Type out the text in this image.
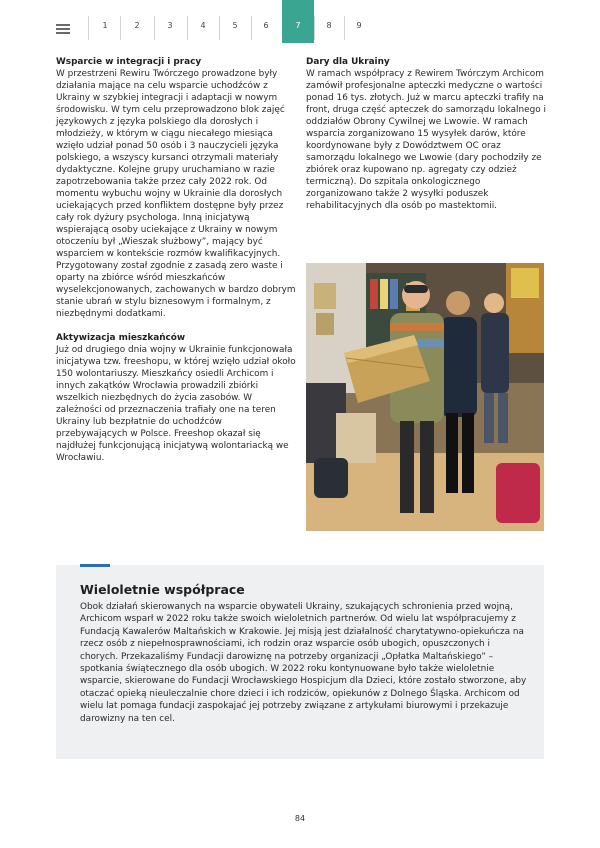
1	2	3	4	5	6	7	8	9
Wsparcie w integracji i pracy

W przestrzeni Rewiru Twórczego prowadzone były działania mające na celu wsparcie uchodźców z Ukrainy w szybkiej integracji i adaptacji w nowym środowisku. W tym celu przeprowadzono blok zajęć językowych z języka polskiego dla dorosłych i młodzieży, w którym w ciągu niecałego miesiąca wzięło udział ponad 50 osób i 3 nauczycieli języka polskiego, a wszyscy kursanci otrzymali materiały dydaktyczne. Kolejne grupy uruchamiano w razie zapotrzebowania także przez cały 2022 rok. Od momentu wybuchu wojny w Ukrainie dla dorosłych uciekających przed konfliktem dostępne były przez cały rok dyżury psychologa. Inną inicjatywą wspierającą osoby uciekające z Ukrainy w nowym otoczeniu był „Wieszak służbowy”, mający być wsparciem w kontekście rozmów kwalifikacyjnych. Przygotowany został zgodnie z zasadą zero waste i oparty na zbiórce wśród mieszkańców wyselekcjonowanych, zachowanych w bardzo dobrym stanie ubrań w stylu biznesowym i formalnym, z niezbędnymi dodatkami.

Aktywizacja mieszkańców

Już od drugiego dnia wojny w Ukrainie funkcjonowała inicjatywa tzw. freeshopu, w której wzięło udział około 150 wolontariuszy. Mieszkańcy osiedli Archicom i innych zakątków Wrocławia prowadzili zbiórki wszelkich niezbędnych do życia zasobów. W zależności od przeznaczenia trafiały one na teren Ukrainy lub bezpłatnie do uchodźców przebywających w Polsce. Freeshop okazał się najdłużej funkcjonującą inicjatywą wolontariacką we Wrocławiu.

Dary dla Ukrainy

W ramach współpracy z Rewirem Twórczym Archicom zamówił profesjonalne apteczki medyczne o wartości ponad 16 tys. złotych. Już w marcu apteczki trafiły na front, druga część apteczek do samorządu lokalnego i oddziałów Obrony Cywilnej we Lwowie. W ramach wsparcia zorganizowano 15 wysyłek darów, które koordynowane były z Dowództwem OC oraz samorządu lokalnego we Lwowie (dary pochodziły ze zbiórek oraz kupowano np. agregaty czy odzież termiczną). Do szpitala onkologicznego zorganizowano także 2 wysyłki poduszek rehabilitacyjnych dla osób po mastektomii.

Wieloletnie współprace

Obok działań skierowanych na wsparcie obywateli Ukrainy, szukających schronienia przed wojną, Archicom wsparł w 2022 roku także swoich wieloletnich partnerów. Od wielu lat współpracujemy z Fundacją Kawalerów Maltańskich w Krakowie. Jej misją jest działalność charytatywno-opiekuńcza na rzecz osób z niepełnosprawnościami, ich rodzin oraz wsparcie osób ubogich, opuszczonych i chorych. Przekazaliśmy Fundacji darowiznę na potrzeby organizacji „Opłatka Maltańskiego” – spotkania świątecznego dla osób ubogich. W 2022 roku kontynuowane było także wieloletnie wsparcie, skierowane do Fundacji Wrocławskiego Hospicjum dla Dzieci, które zostało stworzone, aby otaczać opieką nieuleczalnie chore dzieci i ich rodziców, opiekunów z Dolnego Śląska. Archicom od wielu lat pomaga fundacji zaspokajać jej potrzeby związane z artykułami biurowymi i przekazuje darowizny na ten cel.

84
